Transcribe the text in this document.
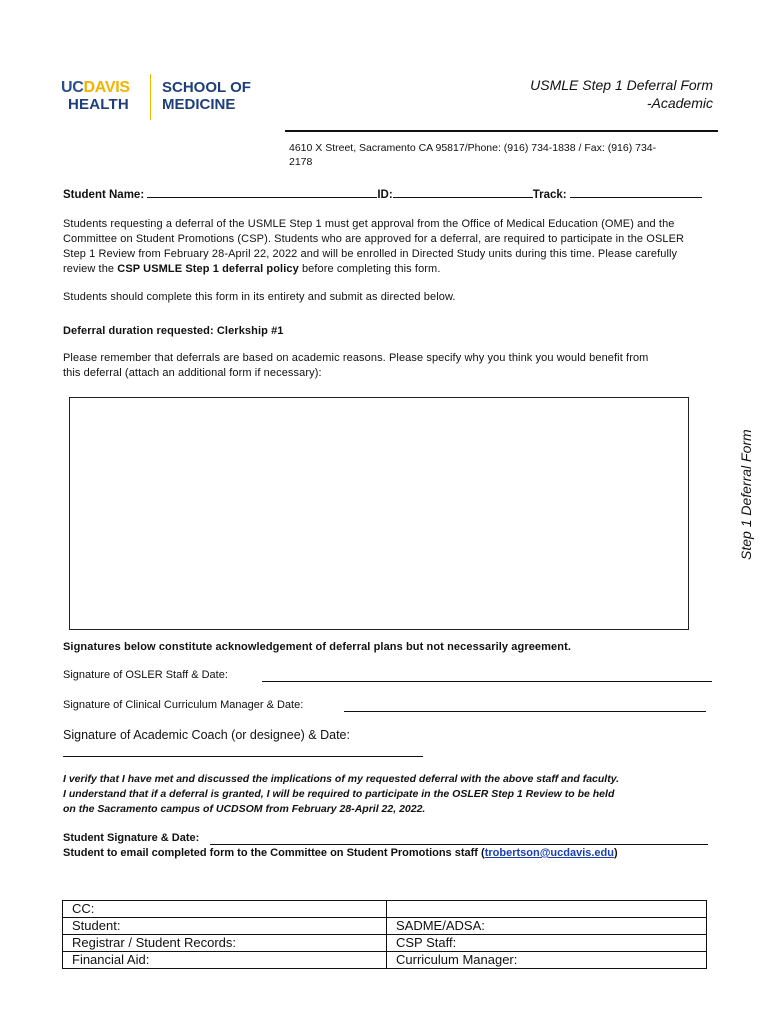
UCDAVIS
HEALTH
SCHOOL OF
MEDICINE
USMLE Step 1 Deferral Form
-Academic
4610 X Street, Sacramento CA 95817/Phone: (916) 734-1838 / Fax: (916) 734- 2178
Student Name:	ID:	Track:
Students requesting a deferral of the USMLE Step 1 must get approval from the Office of Medical Education (OME) and the Committee on Student Promotions (CSP). Students who are approved for a deferral, are required to participate in the OSLER Step 1 Review from February 28-April 22, 2022 and will be enrolled in Directed Study units during this time. Please carefully review the CSP USMLE Step 1 deferral policy before completing this form.
Students should complete this form in its entirety and submit as directed below.
Deferral duration requested: Clerkship #1
Please remember that deferrals are based on academic reasons. Please specify why you think you would benefit from this deferral (attach an additional form if necessary):
Step 1 Deferral Form
Signatures below constitute acknowledgement of deferral plans but not necessarily agreement.
Signature of OSLER Staff & Date:
Signature of Clinical Curriculum Manager & Date:
Signature of Academic Coach (or designee) & Date:
I verify that I have met and discussed the implications of my requested deferral with the above staff and faculty.
I understand that if a deferral is granted, I will be required to participate in the OSLER Step 1 Review to be held
on the Sacramento campus of UCDSOM from February 28-April 22, 2022.
Student Signature & Date:
Student to email completed form to the Committee on Student Promotions staff (trobertson@ucdavis.edu)
CC:	
Student:	SADME/ADSA:
Registrar / Student Records:	CSP Staff:
Financial Aid:	Curriculum Manager:
